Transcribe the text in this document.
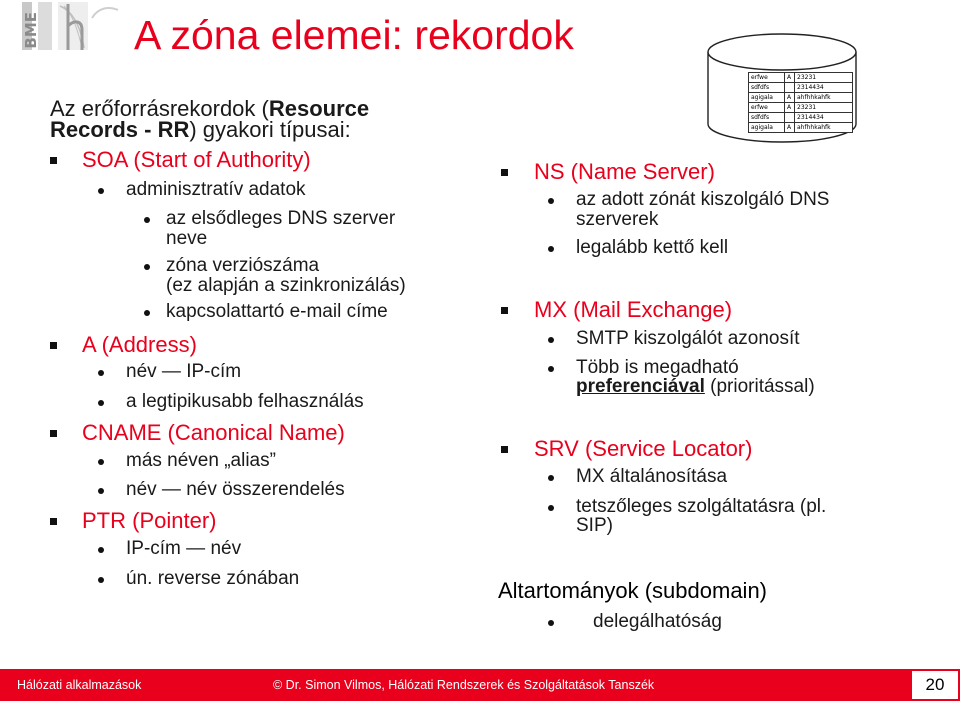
BME A zóna elemei: rekordok
erfwe	A	23231
sdfdfs		2314434
agigala	A	ahfhhkahfk
erfwe	A	23231
sdfdfs		2314434
agigala	A	ahfhhkahfk
Az erőforrásrekordok (Resource
Records - RR) gyakori típusai:
SOA (Start of Authority)
adminisztratív adatok
az elsődleges DNS szerver
neve
zóna verziószáma
(ez alapján a szinkronizálás)
kapcsolattartó e-mail címe
A (Address)
név — IP-cím
a legtipikusabb felhasználás
CNAME (Canonical Name)
más néven „alias”
név — név összerendelés
PTR (Pointer)
IP-cím — név
ún. reverse zónában
NS (Name Server)
az adott zónát kiszolgáló DNS
szerverek
legalább kettő kell
MX (Mail Exchange)
SMTP kiszolgálót azonosít
Több is megadható
preferenciával (prioritással)
SRV (Service Locator)
MX általánosítása
tetszőleges szolgáltatásra (pl.
SIP)
Altartományok (subdomain)
delegálhatóság
Hálózati alkalmazások	© Dr. Simon Vilmos, Hálózati Rendszerek és Szolgáltatások Tanszék	20
